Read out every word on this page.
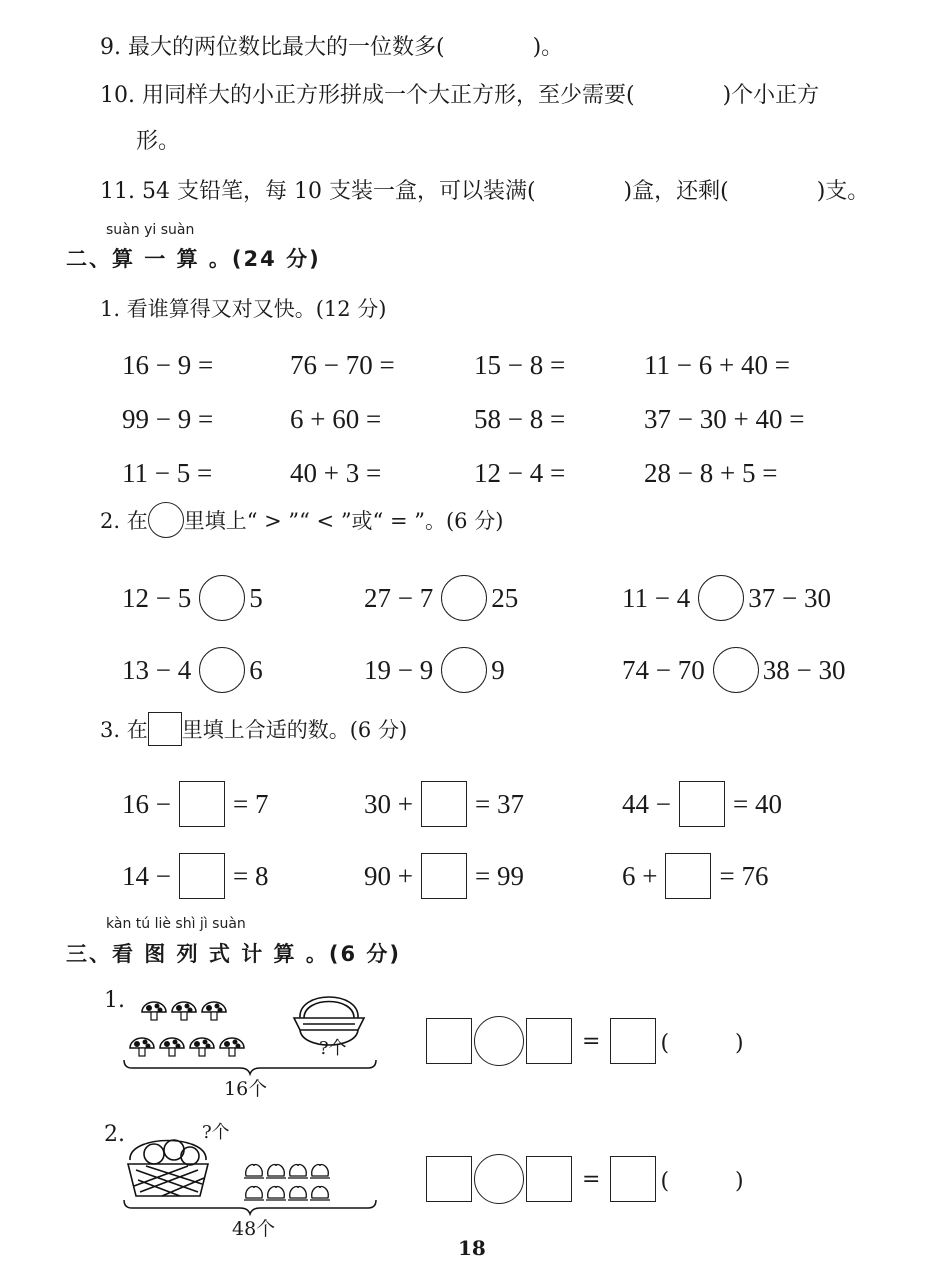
9. 最大的两位数比最大的一位数多(　　　　)。
10. 用同样大的小正方形拼成一个大正方形，至少需要(　　　　)个小正方
形。
11. 54 支铅笔，每 10 支装一盒，可以装满(　　　　)盒，还剩(　　　　)支。
suàn yi suàn
二、算 一 算 。(24 分)
1. 看谁算得又对又快。(12 分)
16 − 9 =	76 − 70 =	15 − 8 =	11 − 6 + 40 =
99 − 9 =	6 + 60 =	58 − 8 =	37 − 30 + 40 =
11 − 5 =	40 + 3 =	12 − 4 =	28 − 8 + 5 =
2. 在 里填上“ > ”“ < ”或“ = ”。(6 分)
12 − 5 5	27 − 7 25	11 − 4 37 − 30
13 − 4 6	19 − 9 9	74 − 70 38 − 30
3. 在 里填上合适的数。(6 分)
16 − = 7	30 + = 37	44 − = 40
14 − = 8	90 + = 99	6 + = 76
kàn tú liè shì jì suàn
三、看 图 列 式 计 算 。(6 分)
1.
?个
16个
=	(　　　)
2.	?个
48个
=	(　　　)
18
